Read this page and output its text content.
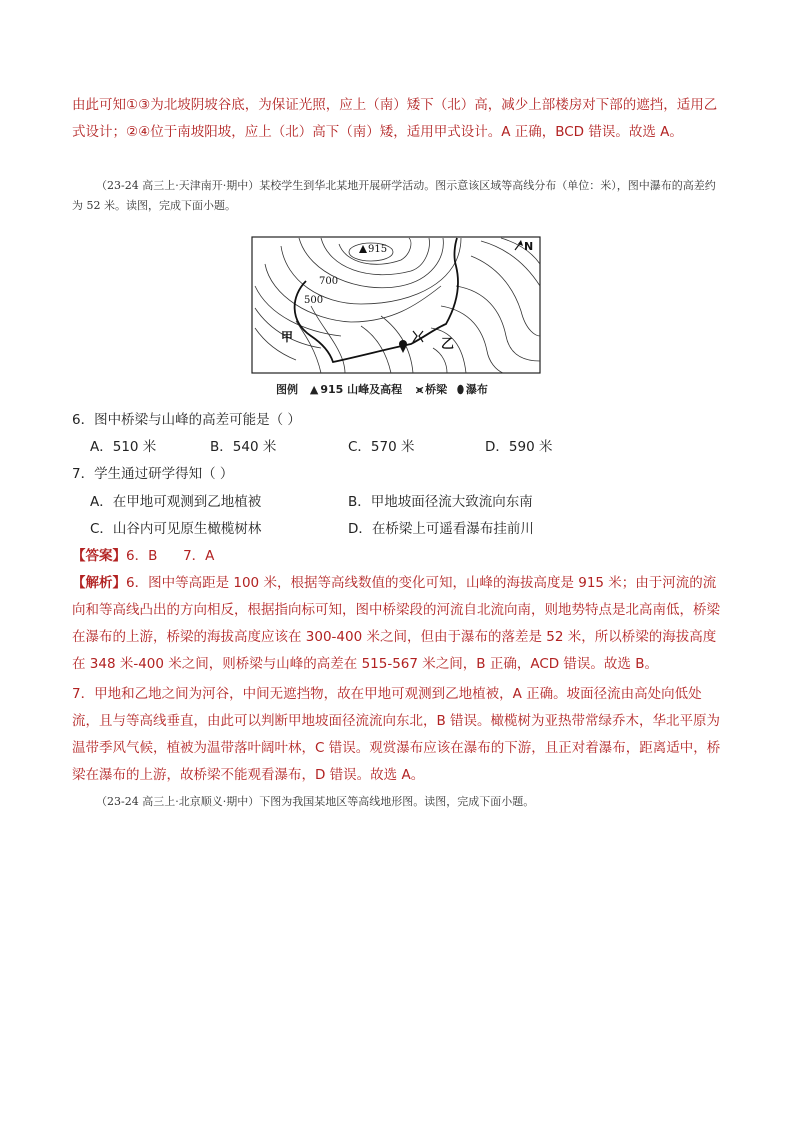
由此可知①③为北坡阴坡谷底，为保证光照，应上（南）矮下（北）高，减少上部楼房对下部的遮挡，适用乙式设计；②④位于南坡阳坡，应上（北）高下（南）矮，适用甲式设计。A 正确，BCD 错误。故选 A。
（23-24 高三上·天津南开·期中）某校学生到华北某地开展研学活动。图示意该区域等高线分布（单位：米），图中瀑布的高差约为 52 米。读图，完成下面小题。
N
915
700
500
甲	乙
图例 ▲ 915 山峰及高程 ⪤ 桥梁 ⬮ 瀑布
6．图中桥梁与山峰的高差可能是（ ）
A．510 米	B．540 米	C．570 米	D．590 米
7．学生通过研学得知（ ）
A．在甲地可观测到乙地植被	B．甲地坡面径流大致流向东南
C．山谷内可见原生橄榄树林	D．在桥梁上可遥看瀑布挂前川
【答案】6．B      7．A
【解析】6．图中等高距是 100 米，根据等高线数值的变化可知，山峰的海拔高度是 915 米；由于河流的流向和等高线凸出的方向相反，根据指向标可知，图中桥梁段的河流自北流向南，则地势特点是北高南低，桥梁在瀑布的上游，桥梁的海拔高度应该在 300-400 米之间，但由于瀑布的落差是 52 米，所以桥梁的海拔高度在 348 米-400 米之间，则桥梁与山峰的高差在 515-567 米之间，B 正确，ACD 错误。故选 B。
7．甲地和乙地之间为河谷，中间无遮挡物，故在甲地可观测到乙地植被，A 正确。坡面径流由高处向低处流，且与等高线垂直，由此可以判断甲地坡面径流流向东北，B 错误。橄榄树为亚热带常绿乔木，华北平原为温带季风气候，植被为温带落叶阔叶林，C 错误。观赏瀑布应该在瀑布的下游，且正对着瀑布，距离适中，桥梁在瀑布的上游，故桥梁不能观看瀑布，D 错误。故选 A。
（23-24 高三上·北京顺义·期中）下图为我国某地区等高线地形图。读图，完成下面小题。
